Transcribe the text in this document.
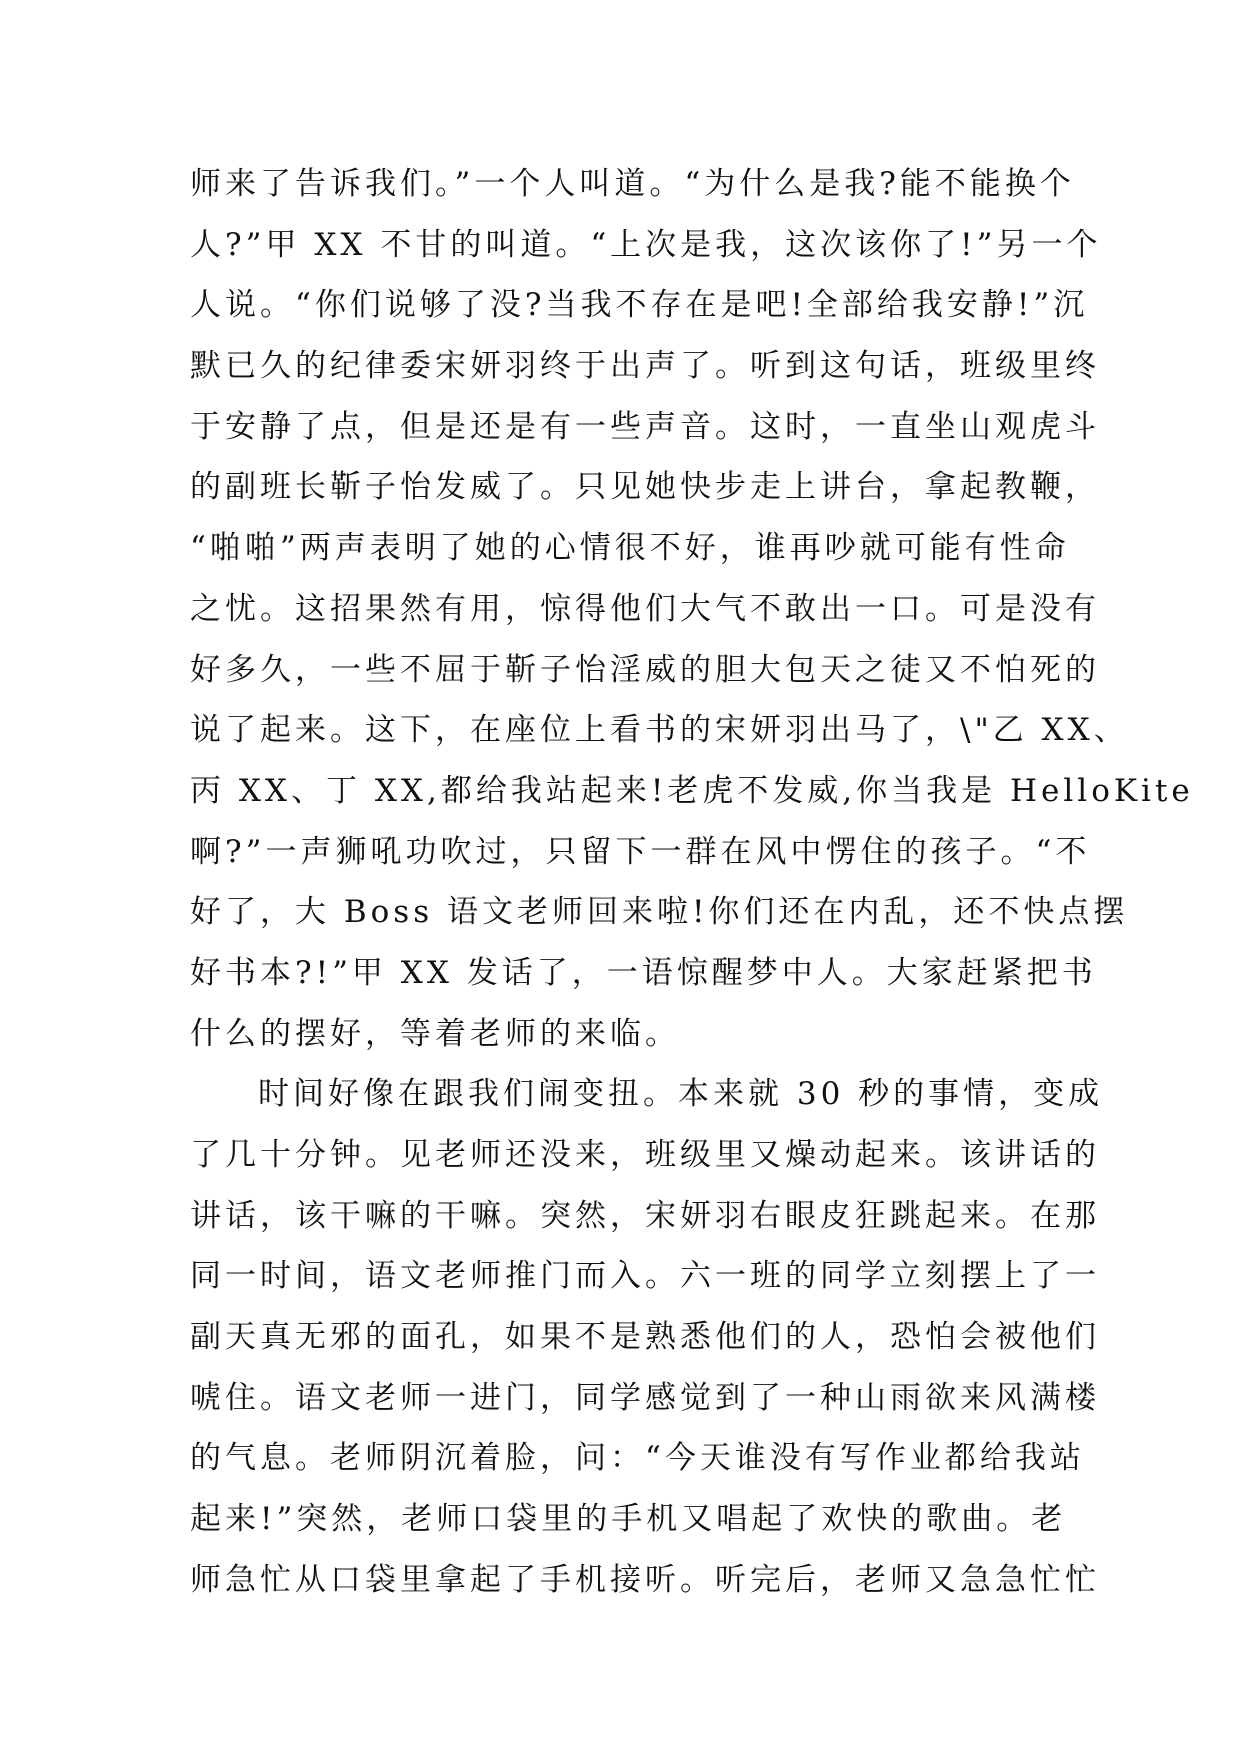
师来了告诉我们。”一个人叫道。“为什么是我?能不能换个
人?”甲 XX 不甘的叫道。“上次是我，这次该你了!”另一个
人说。“你们说够了没?当我不存在是吧!全部给我安静!”沉
默已久的纪律委宋妍羽终于出声了。听到这句话，班级里终
于安静了点，但是还是有一些声音。这时，一直坐山观虎斗
的副班长靳子怡发威了。只见她快步走上讲台，拿起教鞭，
“啪啪”两声表明了她的心情很不好，谁再吵就可能有性命
之忧。这招果然有用，惊得他们大气不敢出一口。可是没有
好多久，一些不屈于靳子怡淫威的胆大包天之徒又不怕死的
说了起来。这下，在座位上看书的宋妍羽出马了，\"乙 XX、
丙 XX、丁 XX,都给我站起来!老虎不发威,你当我是 HelloKite
啊?”一声狮吼功吹过，只留下一群在风中愣住的孩子。“不
好了，大 Boss 语文老师回来啦!你们还在内乱，还不快点摆
好书本?!”甲 XX 发话了，一语惊醒梦中人。大家赶紧把书
什么的摆好，等着老师的来临。
时间好像在跟我们闹变扭。本来就 30 秒的事情，变成
了几十分钟。见老师还没来，班级里又燥动起来。该讲话的
讲话，该干嘛的干嘛。突然，宋妍羽右眼皮狂跳起来。在那
同一时间，语文老师推门而入。六一班的同学立刻摆上了一
副天真无邪的面孔，如果不是熟悉他们的人，恐怕会被他们
唬住。语文老师一进门，同学感觉到了一种山雨欲来风满楼
的气息。老师阴沉着脸，问：“今天谁没有写作业都给我站
起来!”突然，老师口袋里的手机又唱起了欢快的歌曲。老
师急忙从口袋里拿起了手机接听。听完后，老师又急急忙忙
